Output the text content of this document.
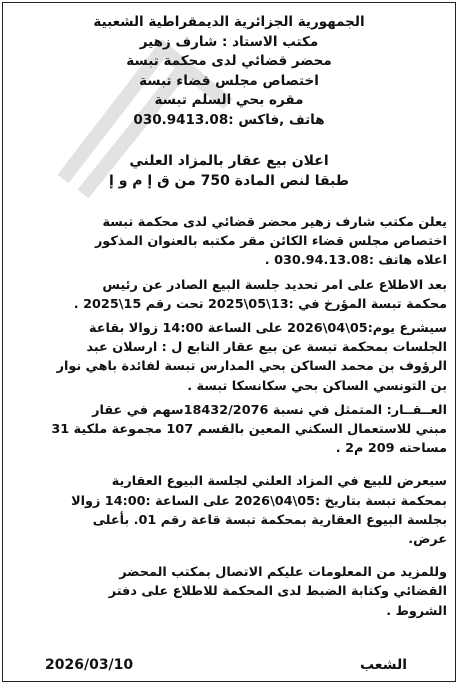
الجمهورية الجزائرية الديمقراطية الشعبية
مكتب الاستاد : شارف زهير
محضر قضائي لدى محكمة تبسة
اختصاص مجلس قضاء تبسة
مقره بحي السلم تبسة
هاتف ,فاكس :030.9413.08
اعلان بيع عقار بالمزاد العلني
طبقا لنص المادة 750 من ق إ م و إ
يعلن مكتب شارف زهير محضر قضائي لدى محكمة تبسة
اختصاص مجلس قضاء الكائن مقر مكتبه بالعنوان المذكور
اعلاه هاتف :030.94.13.08 .
بعد الاطلاع على امر تحديد جلسة البيع الصادر عن رئيس
محكمة تبسة المؤرخ في :13\05\2025 تحت رقم 15\2025 .
سيشرع يوم:05\04\2026 على الساعة 14:00 زوالا بقاعة
الجلسات بمحكمة تبسة عن بيع عقار التابع ل : ارسلان عبد
الرؤوف بن محمد الساكن بحي المدارس تبسة لفائدة باهي نوار
بن التونسي الساكن بحي سكانسكا تبسة .
العــقــار: المتمثل في نسبة 18432/2076سهم في عقار
مبني للاستعمال السكني المعين بالقسم 107 مجموعة ملكية 31
مساحته 209 م2 .
سيعرض للبيع في المزاد العلني لجلسة البيوع العقارية
بمحكمة تبسة بتاريخ :05\04\2026 على الساعة :14:00 زوالا
بجلسة البيوع العقارية بمحكمة تبسة قاعة رقم 01. بأعلى
عرض.
وللمزيد من المعلومات عليكم الاتصال بمكتب المحضر
القضائي وكتابة الضبط لدى المحكمة للاطلاع على دفتر
الشروط .
2026/03/10	الشعب
